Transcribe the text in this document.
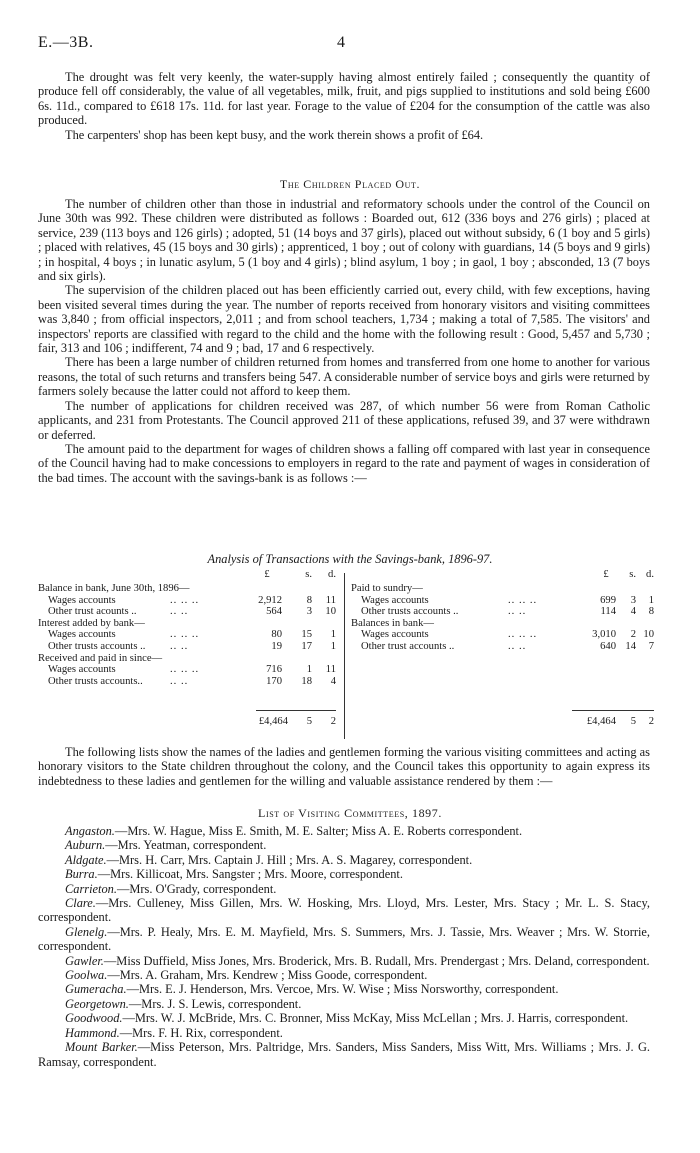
E.—3B.	4

The drought was felt very keenly, the water-supply having almost entirely failed ; consequently the quantity of produce fell off considerably, the value of all vegetables, milk, fruit, and pigs supplied to institutions and sold being £600 6s. 11d., compared to £618 17s. 11d. for last year. Forage to the value of £204 for the consumption of the cattle was also produced.

The carpenters' shop has been kept busy, and the work therein shows a profit of £64.

The Children Placed Out.

The number of children other than those in industrial and reformatory schools under the control of the Council on June 30th was 992. These children were distributed as follows : Boarded out, 612 (336 boys and 276 girls) ; placed at service, 239 (113 boys and 126 girls) ; adopted, 51 (14 boys and 37 girls), placed out without subsidy, 6 (1 boy and 5 girls) ; placed with relatives, 45 (15 boys and 30 girls) ; apprenticed, 1 boy ; out of colony with guardians, 14 (5 boys and 9 girls) ; in hospital, 4 boys ; in lunatic asylum, 5 (1 boy and 4 girls) ; blind asylum, 1 boy ; in gaol, 1 boy ; absconded, 13 (7 boys and six girls).

The supervision of the children placed out has been efficiently carried out, every child, with few exceptions, having been visited several times during the year. The number of reports received from honorary visitors and visiting committees was 3,840 ; from official inspectors, 2,011 ; and from school teachers, 1,734 ; making a total of 7,585. The visitors' and inspectors' reports are classified with regard to the child and the home with the following result : Good, 5,457 and 5,730 ; fair, 313 and 106 ; indifferent, 74 and 9 ; bad, 17 and 6 respectively.

There has been a large number of children returned from homes and transferred from one home to another for various reasons, the total of such returns and transfers being 547. A considerable number of service boys and girls were returned by farmers solely because the latter could not afford to keep them.

The number of applications for children received was 287, of which number 56 were from Roman Catholic applicants, and 231 from Protestants. The Council approved 211 of these applications, refused 39, and 37 were withdrawn or deferred.

The amount paid to the department for wages of children shows a falling off compared with last year in consequence of the Council having had to make concessions to employers in regard to the rate and payment of wages in consideration of the bad times. The account with the savings-bank is as follows :—

Analysis of Transactions with the Savings-bank, 1896-97.
£	s.	d.	£	s. d.
Balance in bank, June 30th, 1896—
Wages accounts	.. .. ..	2,912	8	11
Other trust acounts ..	.. ..	564	3	10
Interest added by bank—
Wages accounts	.. .. ..	80	15	1
Other trusts accounts .. .. ..	19	17	1
Received and paid in since—
Wages accounts	.. .. ..	716	1	11
Other trusts accounts..	.. ..	170	18	4
Paid to sundry—
Wages accounts	.. .. ..	699	3	1
Other trusts accounts ..	.. ..	114	4	8
Balances in bank—
Wages accounts	.. .. ..	3,010	2 10
Other trust accounts ..	.. ..	640 14	7
£4,464	5	2	£4,464	5	2

The following lists show the names of the ladies and gentlemen forming the various visiting committees and acting as honorary visitors to the State children throughout the colony, and the Council takes this opportunity to again express its indebtedness to these ladies and gentlemen for the willing and valuable assistance rendered by them :—

List of Visiting Committees, 1897.
Angaston.—Mrs. W. Hague, Miss E. Smith, M. E. Salter; Miss A. E. Roberts correspondent.
Auburn.—Mrs. Yeatman, correspondent.
Aldgate.—Mrs. H. Carr, Mrs. Captain J. Hill ; Mrs. A. S. Magarey, correspondent.
Burra.—Mrs. Killicoat, Mrs. Sangster ; Mrs. Moore, correspondent.
Carrieton.—Mrs. O'Grady, correspondent.
Clare.—Mrs. Culleney, Miss Gillen, Mrs. W. Hosking, Mrs. Lloyd, Mrs. Lester, Mrs. Stacy ; Mr. L. S. Stacy, correspondent.
Glenelg.—Mrs. P. Healy, Mrs. E. M. Mayfield, Mrs. S. Summers, Mrs. J. Tassie, Mrs. Weaver ; Mrs. W. Storrie, correspondent.
Gawler.—Miss Duffield, Miss Jones, Mrs. Broderick, Mrs. B. Rudall, Mrs. Prendergast ; Mrs. Deland, correspondent.
Goolwa.—Mrs. A. Graham, Mrs. Kendrew ; Miss Goode, correspondent.
Gumeracha.—Mrs. E. J. Henderson, Mrs. Vercoe, Mrs. W. Wise ; Miss Norsworthy, correspondent.
Georgetown.—Mrs. J. S. Lewis, correspondent.
Goodwood.—Mrs. W. J. McBride, Mrs. C. Bronner, Miss McKay, Miss McLellan ; Mrs. J. Harris, correspondent.
Hammond.—Mrs. F. H. Rix, correspondent.
Mount Barker.—Miss Peterson, Mrs. Paltridge, Mrs. Sanders, Miss Sanders, Miss Witt, Mrs. Williams ; Mrs. J. G. Ramsay, correspondent.
